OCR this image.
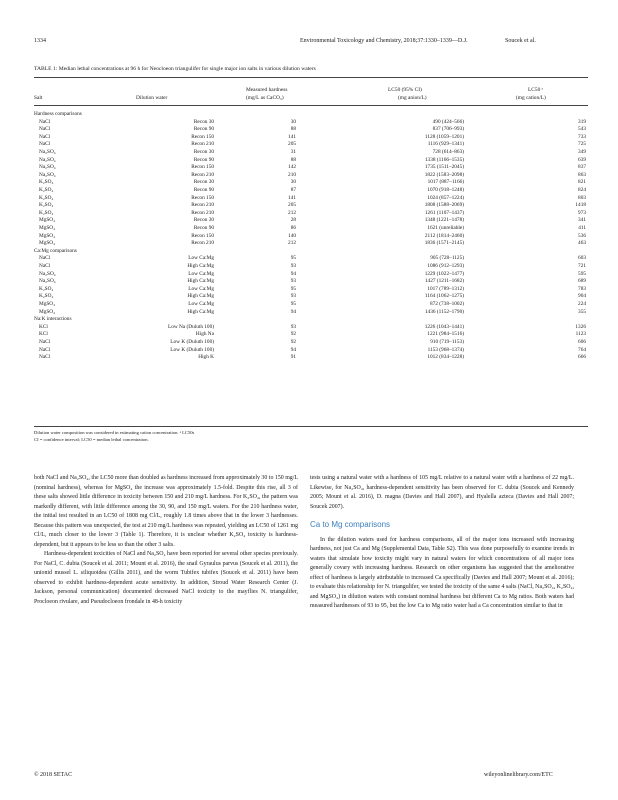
1334	Environmental Toxicology and Chemistry, 2018;37:1330–1339—D.J.	Soucek et al.
TABLE 1: Median lethal concentrations at 96 h for Neocloeon triangulifer for single major ion salts in various dilution waters
Measured hardness	LC50 (95% CI)	LC50 ᵃ
Salt	Dilution water	(mg/L as CaCO₃)	(mg anion/L)	(mg cation/L)
Hardness comparisons
NaCl	Recon 30	30	490 (424–566)	319
NaCl	Recon 90	88	837 (706–993)	543
NaCl	Recon 150	141	1128 (1059–1201)	733
NaCl	Recon 210	205	1116 (929–1341)	725
Na₂SO₄	Recon 30	31	728 (614–863)	349
Na₂SO₄	Recon 90	88	1338 (1166–1535)	639
Na₂SO₄	Recon 150	142	1735 (1511–2045)	837
Na₂SO₄	Recon 210	210	1822 (1583–2098)	863
K₂SO₄	Recon 30	30	1017 (887–1166)	821
K₂SO₄	Recon 90	87	1070 (918–1248)	824
K₂SO₄	Recon 150	141	1024 (857–1224)	803
K₂SO₄	Recon 210	205	1808 (1588–2069)	1418
K₂SO₄	Recon 210	212	1261 (1107–1437)	973
MgSO₄	Recon 30	28	1348 (1221–1478)	341
MgSO₄	Recon 90	86	1621 (unreliable)	411
MgSO₄	Recon 150	140	2112 (1814–2460)	536
MgSO₄	Recon 210	212	1836 (1571–2145)	463
Ca:Mg comparisons
NaCl	Low Ca:Mg	95	905 (728–1125)	603
NaCl	High Ca:Mg	93	1086 (912–1293)	721
Na₂SO₄	Low Ca:Mg	94	1229 (1022–1477)	595
Na₂SO₄	High Ca:Mg	93	1427 (1211–1682)	689
K₂SO₄	Low Ca:Mg	95	1017 (789–1312)	783
K₂SO₄	High Ca:Mg	93	1164 (1062–1275)	904
MgSO₄	Low Ca:Mg	95	872 (738–1002)	224
MgSO₄	High Ca:Mg	94	1436 (1152–1790)	355
Na:K interactions
KCl	Low Na (Duluth 100)	93	1226 (1043–1441)	1326
KCl	High Na	92	1221 (984–1516)	1123
NaCl	Low K (Duluth 100)	92	910 (719–1153)	606
NaCl	Low K (Duluth 100)	94	1153 (968–1374)	764
NaCl	High K	91	1012 (834–1228)	666
Dilution water composition was considered in estimating cation concentration. ᵃ LC50s
CI = confidence interval; LC50 = median lethal concentration.

both NaCl and Na₂SO₄, the LC50 more than doubled as hardness increased from approximately 30 to 150 mg/L (nominal hardness), whereas for MgSO₄ the increase was approximately 1.5-fold. Despite this rise, all 3 of these salts showed little difference in toxicity between 150 and 210 mg/L hardness. For K₂SO₄, the pattern was markedly different, with little difference among the 30, 90, and 150 mg/L waters. For the 210 hardness water, the initial test resulted in an LC50 of 1808 mg Cl/L, roughly 1.8 times above that in the lower 3 hardnesses. Because this pattern was unexpected, the test at 210 mg/L hardness was repeated, yielding an LC50 of 1261 mg Cl/L, much closer to the lower 3 (Table 1). Therefore, it is unclear whether K₂SO₄ toxicity is hardness-dependent, but it appears to be less so than the other 3 salts.

Hardness-dependent toxicities of NaCl and Na₂SO₄ have been reported for several other species previously. For NaCl, C. dubia (Soucek et al. 2011; Mount et al. 2016), the snail Gyraulus parvus (Soucek et al. 2011), the unionid mussel L. siliquoidea (Gillis 2011), and the worm Tubifex tubifex (Soucek et al. 2011) have been observed to exhibit hardness-dependent acute sensitivity. In addition, Stroud Water Research Center (J. Jackson, personal communication) documented decreased NaCl toxicity to the mayflies N. triangulifer, Procloeon rivulare, and Pseudocloeon frondale in 48-h toxicity

tests using a natural water with a hardness of 105 mg/L relative to a natural water with a hardness of 22 mg/L. Likewise, for Na₂SO₄, hardness-dependent sensitivity has been observed for C. dubia (Soucek and Kennedy 2005; Mount et al. 2016), D. magna (Davies and Hall 2007), and Hyalella azteca (Davies and Hall 2007; Soucek 2007).

Ca to Mg comparisons

In the dilution waters used for hardness comparisons, all of the major ions increased with increasing hardness, not just Ca and Mg (Supplemental Data, Table S2). This was done purposefully to examine trends in waters that simulate how toxicity might vary in natural waters for which concentrations of all major ions generally covary with increasing hardness. Research on other organisms has suggested that the ameliorative effect of hardness is largely attributable to increased Ca specifically (Davies and Hall 2007; Mount et al. 2016); to evaluate this relationship for N. triangulifer, we tested the toxicity of the same 4 salts (NaCl, Na₂SO₄, K₂SO₄, and MgSO₄) in dilution waters with constant nominal hardness but different Ca to Mg ratios. Both waters had measured hardnesses of 93 to 95, but the low Ca to Mg ratio water had a Ca concentration similar to that in

© 2018 SETAC	wileyonlinelibrary.com/ETC
